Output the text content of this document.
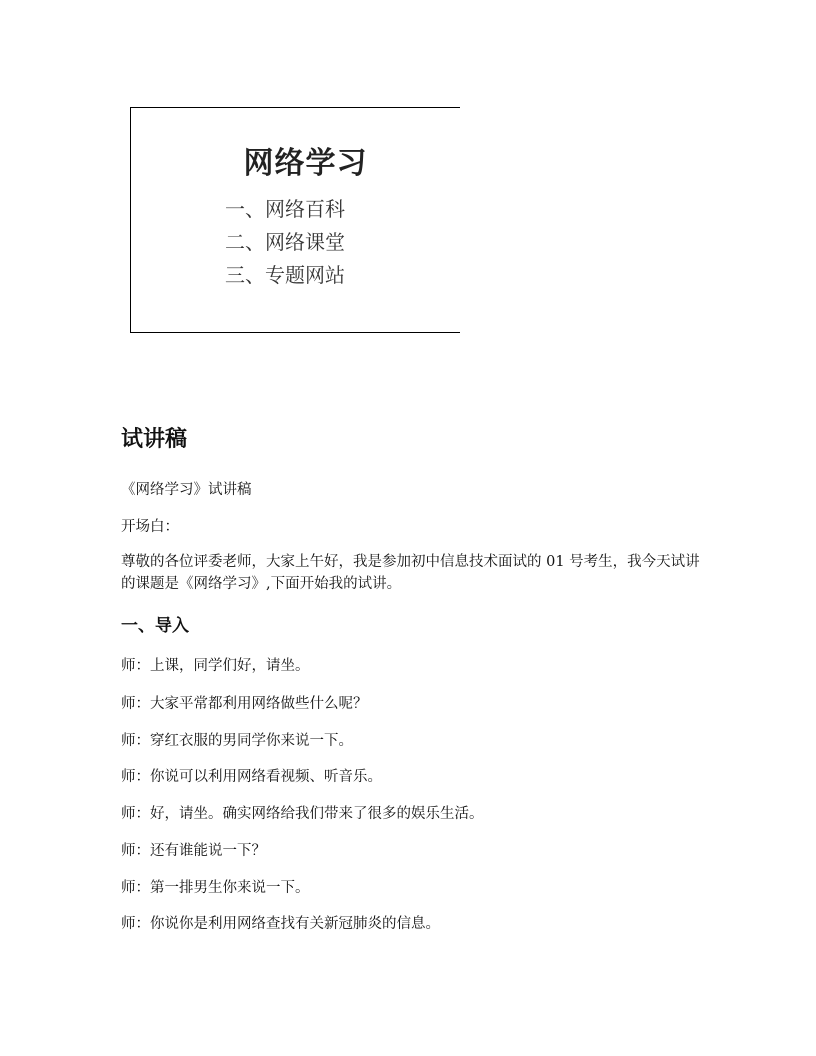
网络学习
一、网络百科
二、网络课堂
三、专题网站
试讲稿

《网络学习》试讲稿

开场白：

尊敬的各位评委老师，大家上午好，我是参加初中信息技术面试的 01 号考生，我今天试讲的课题是《网络学习》,下面开始我的试讲。

一、导入

师：上课，同学们好，请坐。

师：大家平常都利用网络做些什么呢？

师：穿红衣服的男同学你来说一下。

师：你说可以利用网络看视频、听音乐。

师：好，请坐。确实网络给我们带来了很多的娱乐生活。

师：还有谁能说一下？

师：第一排男生你来说一下。

师：你说你是利用网络查找有关新冠肺炎的信息。
